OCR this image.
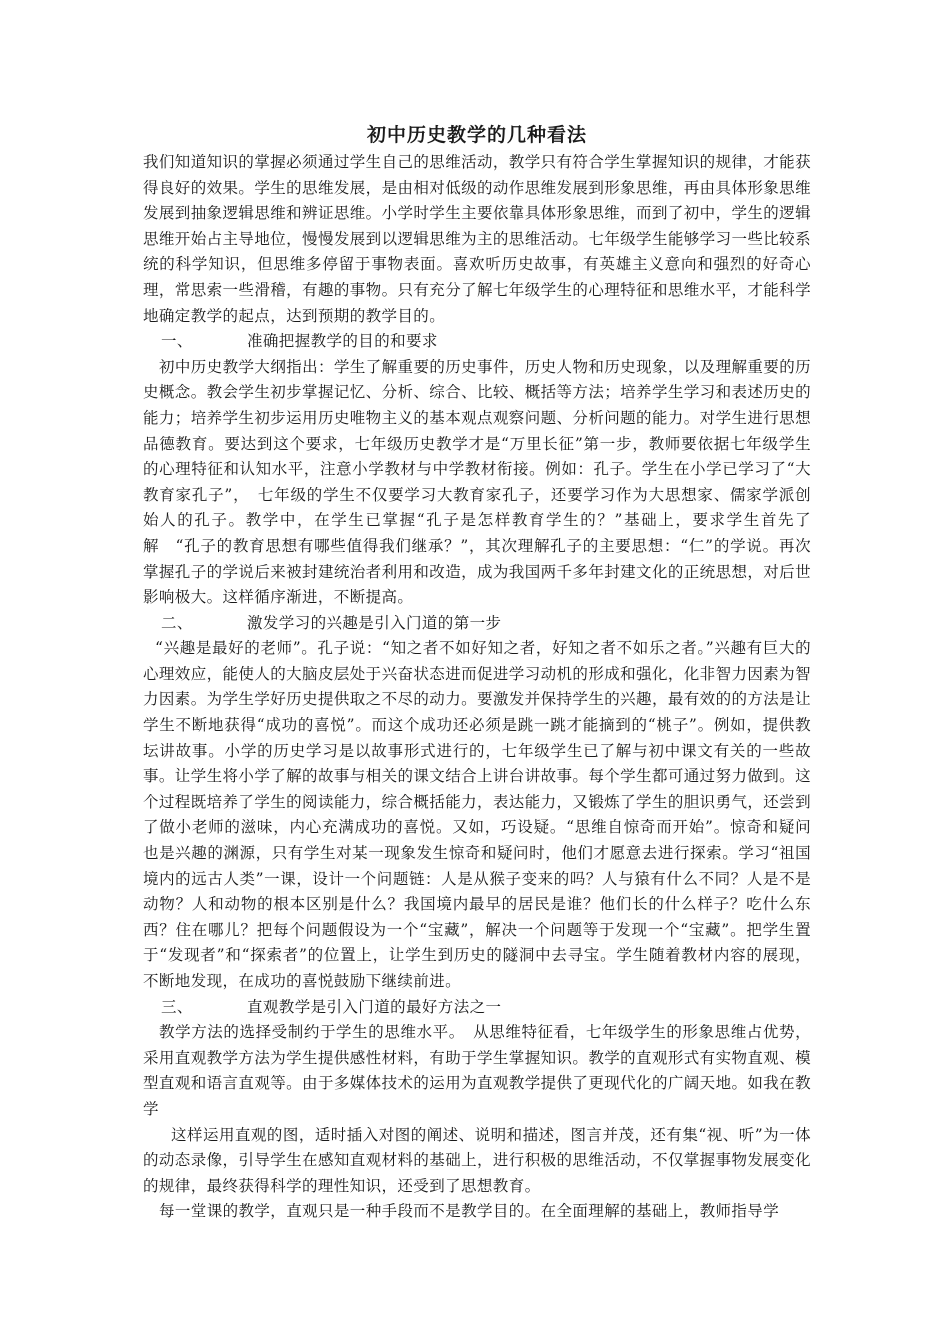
初中历史教学的几种看法

我们知道知识的掌握必须通过学生自己的思维活动，教学只有符合学生掌握知识的规律，才能获得良好的效果。学生的思维发展，是由相对低级的动作思维发展到形象思维，再由具体形象思维发展到抽象逻辑思维和辨证思维。小学时学生主要依靠具体形象思维，而到了初中，学生的逻辑思维开始占主导地位，慢慢发展到以逻辑思维为主的思维活动。七年级学生能够学习一些比较系统的科学知识，但思维多停留于事物表面。喜欢听历史故事，有英雄主义意向和强烈的好奇心理，常思索一些滑稽，有趣的事物。只有充分了解七年级学生的心理特征和思维水平，才能科学地确定教学的起点，达到预期的教学目的。

一、	准确把握教学的目的和要求

初中历史教学大纲指出：学生了解重要的历史事件，历史人物和历史现象，以及理解重要的历史概念。教会学生初步掌握记忆、分析、综合、比较、概括等方法；培养学生学习和表述历史的能力；培养学生初步运用历史唯物主义的基本观点观察问题、分析问题的能力。对学生进行思想品德教育。要达到这个要求，七年级历史教学才是“万里长征”第一步，教师要依据七年级学生的心理特征和认知水平，注意小学教材与中学教材衔接。例如：孔子。学生在小学已学习了“大教育家孔子”，　七年级的学生不仅要学习大教育家孔子，还要学习作为大思想家、儒家学派创始人的孔子。教学中，在学生已掌握“孔子是怎样教育学生的？”基础上，要求学生首先了解　“孔子的教育思想有哪些值得我们继承？”，其次理解孔子的主要思想：“仁”的学说。再次掌握孔子的学说后来被封建统治者利用和改造，成为我国两千多年封建文化的正统思想，对后世影响极大。这样循序渐进，不断提高。

二、	激发学习的兴趣是引入门道的第一步

“兴趣是最好的老师”。孔子说：“知之者不如好知之者，好知之者不如乐之者。”兴趣有巨大的心理效应，能使人的大脑皮层处于兴奋状态进而促进学习动机的形成和强化，化非智力因素为智力因素。为学生学好历史提供取之不尽的动力。要激发并保持学生的兴趣，最有效的的方法是让学生不断地获得“成功的喜悦”。而这个成功还必须是跳一跳才能摘到的“桃子”。例如，提供教坛讲故事。小学的历史学习是以故事形式进行的，七年级学生已了解与初中课文有关的一些故事。让学生将小学了解的故事与相关的课文结合上讲台讲故事。每个学生都可通过努力做到。这个过程既培养了学生的阅读能力，综合概括能力，表达能力，又锻炼了学生的胆识勇气，还尝到了做小老师的滋味，内心充满成功的喜悦。又如，巧设疑。“思维自惊奇而开始”。惊奇和疑问也是兴趣的渊源，只有学生对某一现象发生惊奇和疑问时，他们才愿意去进行探索。学习“祖国境内的远古人类”一课，设计一个问题链：人是从猴子变来的吗？人与猿有什么不同？人是不是动物？人和动物的根本区别是什么？我国境内最早的居民是谁？他们长的什么样子？吃什么东西？住在哪儿？把每个问题假设为一个“宝藏”，解决一个问题等于发现一个“宝藏”。把学生置于“发现者”和“探索者”的位置上，让学生到历史的隧洞中去寻宝。学生随着教材内容的展现，不断地发现，在成功的喜悦鼓励下继续前进。

三、	直观教学是引入门道的最好方法之一

教学方法的选择受制约于学生的思维水平。　从思维特征看，七年级学生的形象思维占优势，采用直观教学方法为学生提供感性材料，有助于学生掌握知识。教学的直观形式有实物直观、模型直观和语言直观等。由于多媒体技术的运用为直观教学提供了更现代化的广阔天地。如我在教学

这样运用直观的图，适时插入对图的阐述、说明和描述，图言并茂，还有集“视、听”为一体的动态录像，引导学生在感知直观材料的基础上，进行积极的思维活动，不仅掌握事物发展变化的规律，最终获得科学的理性知识，还受到了思想教育。

每一堂课的教学，直观只是一种手段而不是教学目的。在全面理解的基础上，教师指导学
